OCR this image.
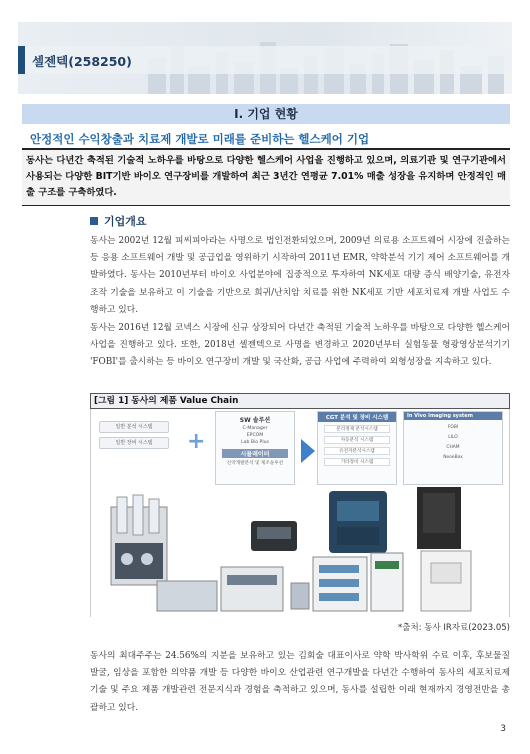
셀젠텍(258250)
I. 기업 현황
안정적인 수익창출과 치료제 개발로 미래를 준비하는 헬스케어 기업
동사는 다년간 축적된 기술적 노하우를 바탕으로 다양한 헬스케어 사업을 진행하고 있으며, 의료기관 및 연구기관에서 사용되는 다양한 BIT기반 바이오 연구장비를 개발하여 최근 3년간 연평균 7.01% 매출 성장을 유지하며 안정적인 매출 구조를 구축하였다.
기업개요
동사는 2002년 12월 피씨피아라는 사명으로 법인전환되었으며, 2009년 의료용 소프트웨어 시장에 진출하는 등 응용 소프트웨어 개발 및 공급업을 영위하기 시작하여 2011년 EMR, 약학분석 기기 제어 소프트웨어를 개발하였다. 동사는 2010년부터 바이오 사업분야에 집중적으로 투자하여 NK세포 대량 증식 배양기술, 유전자 조작 기술을 보유하고 이 기술을 기반으로 희귀/난치암 치료를 위한 NK세포 기반 세포치료제 개발 사업도 수행하고 있다.
동사는 2016년 12월 코넥스 시장에 신규 상장되어 다년간 축적된 기술적 노하우를 바탕으로 다양한 헬스케어 사업을 진행하고 있다. 또한, 2018년 셀젠텍으로 사명을 변경하고 2020년부터 실험동물 형광영상분석기기 'FOBI'를 출시하는 등 바이오 연구장비 개발 및 국산화, 공급 사업에 주력하여 외형성장을 지속하고 있다.
[그림 1] 동사의 제품 Value Chain
일반 분석 시스템
일반 장비 시스템	+
SW 솔루션
C-Manager
EPCOM
Lab Bio Plus
시뮬레이터
신약개발분석 및 제조솔루션
CGT 분석 및 장비 시스템
분리정제 분석시스템
자동분석 시스템
유전자분석시스템
기타장비 시스템
In Vivo Imaging system
FOBI
LILO
CHAM
NeoeBox
*출처: 동사 IR자료(2023.05)
동사의 최대주주는 24.56%의 지분을 보유하고 있는 김회술 대표이사로 약학 박사학위 수료 이후, 후보물질 발굴, 임상을 포함한 의약품 개발 등 다양한 바이오 산업관련 연구개발을 다년간 수행하여 동사의 세포치료제 기술 및 주요 제품 개발관련 전문지식과 경험을 축적하고 있으며, 동사를 설립한 이래 현재까지 경영전반을 총괄하고 있다.
3
